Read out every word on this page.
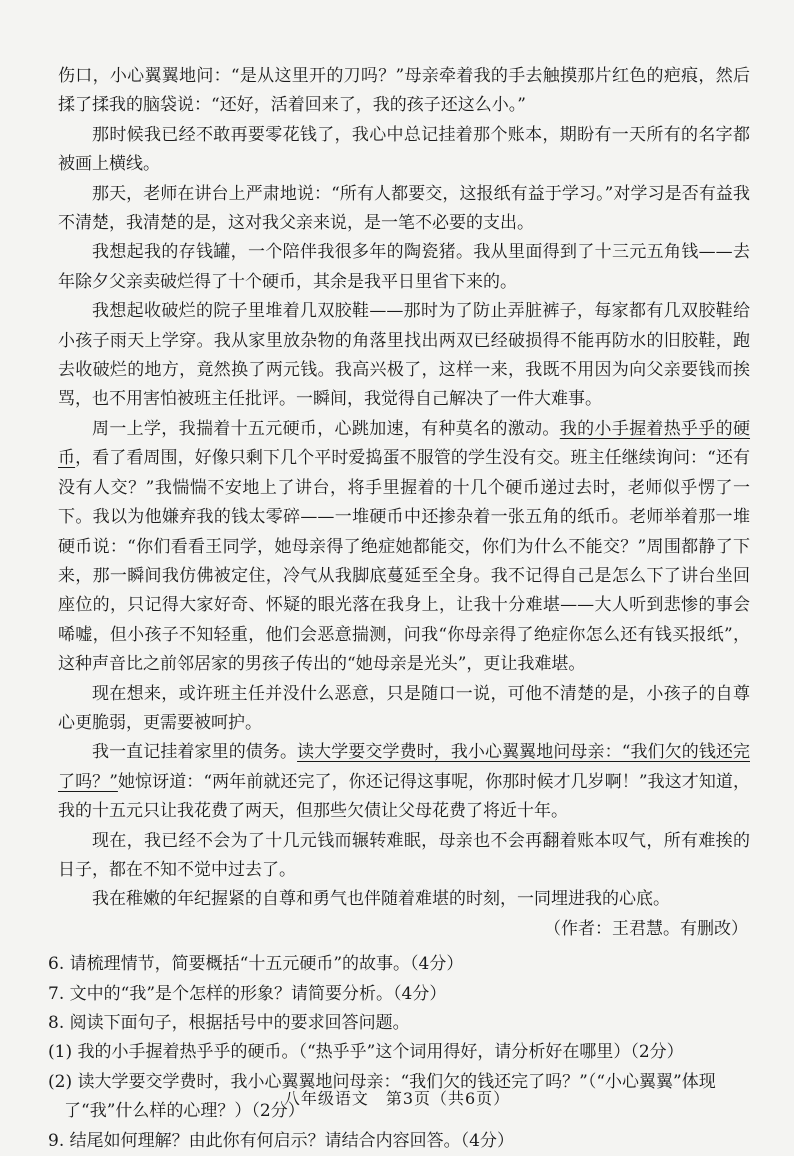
伤口，小心翼翼地问：“是从这里开的刀吗？”母亲牵着我的手去触摸那片红色的疤痕，然后揉了揉我的脑袋说：“还好，活着回来了，我的孩子还这么小。”

那时候我已经不敢再要零花钱了，我心中总记挂着那个账本，期盼有一天所有的名字都被画上横线。

那天，老师在讲台上严肃地说：“所有人都要交，这报纸有益于学习。”对学习是否有益我不清楚，我清楚的是，这对我父亲来说，是一笔不必要的支出。

我想起我的存钱罐，一个陪伴我很多年的陶瓷猪。我从里面得到了十三元五角钱——去年除夕父亲卖破烂得了十个硬币，其余是我平日里省下来的。

我想起收破烂的院子里堆着几双胶鞋——那时为了防止弄脏裤子，每家都有几双胶鞋给小孩子雨天上学穿。我从家里放杂物的角落里找出两双已经破损得不能再防水的旧胶鞋，跑去收破烂的地方，竟然换了两元钱。我高兴极了，这样一来，我既不用因为向父亲要钱而挨骂，也不用害怕被班主任批评。一瞬间，我觉得自己解决了一件大难事。

周一上学，我揣着十五元硬币，心跳加速，有种莫名的激动。我的小手握着热乎乎的硬币，看了看周围，好像只剩下几个平时爱捣蛋不服管的学生没有交。班主任继续询问：“还有没有人交？”我惴惴不安地上了讲台，将手里握着的十几个硬币递过去时，老师似乎愣了一下。我以为他嫌弃我的钱太零碎——一堆硬币中还掺杂着一张五角的纸币。老师举着那一堆硬币说：“你们看看王同学，她母亲得了绝症她都能交，你们为什么不能交？”周围都静了下来，那一瞬间我仿佛被定住，冷气从我脚底蔓延至全身。我不记得自己是怎么下了讲台坐回座位的，只记得大家好奇、怀疑的眼光落在我身上，让我十分难堪——大人听到悲惨的事会唏嘘，但小孩子不知轻重，他们会恶意揣测，问我“你母亲得了绝症你怎么还有钱买报纸”，这种声音比之前邻居家的男孩子传出的“她母亲是光头”，更让我难堪。

现在想来，或许班主任并没什么恶意，只是随口一说，可他不清楚的是，小孩子的自尊心更脆弱，更需要被呵护。

我一直记挂着家里的债务。读大学要交学费时，我小心翼翼地问母亲：“我们欠的钱还完了吗？”她惊讶道：“两年前就还完了，你还记得这事呢，你那时候才几岁啊！”我这才知道，我的十五元只让我花费了两天，但那些欠债让父母花费了将近十年。

现在，我已经不会为了十几元钱而辗转难眠，母亲也不会再翻着账本叹气，所有难挨的日子，都在不知不觉中过去了。

我在稚嫩的年纪握紧的自尊和勇气也伴随着难堪的时刻，一同埋进我的心底。

（作者：王君慧。有删改）

6. 请梳理情节，简要概括“十五元硬币”的故事。（4分）

7. 文中的“我”是个怎样的形象？请简要分析。（4分）

8. 阅读下面句子，根据括号中的要求回答问题。

(1) 我的小手握着热乎乎的硬币。（“热乎乎”这个词用得好，请分析好在哪里）（2分）

(2) 读大学要交学费时，我小心翼翼地问母亲：“我们欠的钱还完了吗？”（“小心翼翼”体现

了“我”什么样的心理？）（2分）

9. 结尾如何理解？由此你有何启示？请结合内容回答。（4分）

八年级语文　第3页（共6页）
